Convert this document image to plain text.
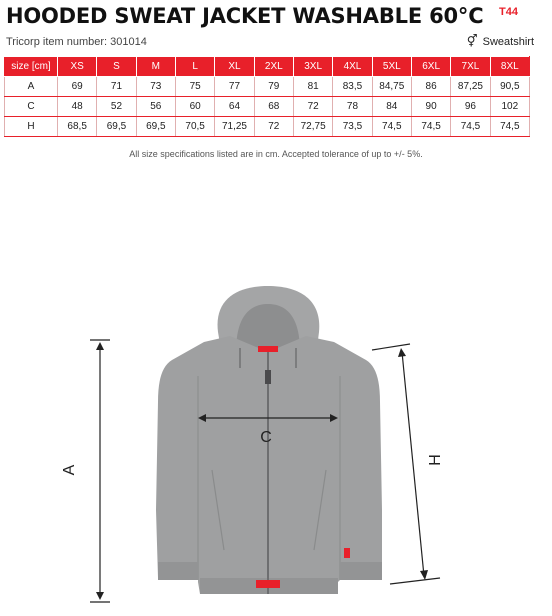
HOODED SWEAT JACKET WASHABLE 60°C T44
Tricorp item number: 301014	⚥ Sweatshirt
size [cm]	XS	S	M	L	XL	2XL	3XL	4XL	5XL	6XL	7XL	8XL
A	69	71	73	75	77	79	81	83,5	84,75	86	87,25	90,5
C	48	52	56	60	64	68	72	78	84	90	96	102
H	68,5	69,5	69,5	70,5	71,25	72	72,75	73,5	74,5	74,5	74,5	74,5
All size specifications listed are in cm. Accepted tolerance of up to +/- 5%.
A
C
H
